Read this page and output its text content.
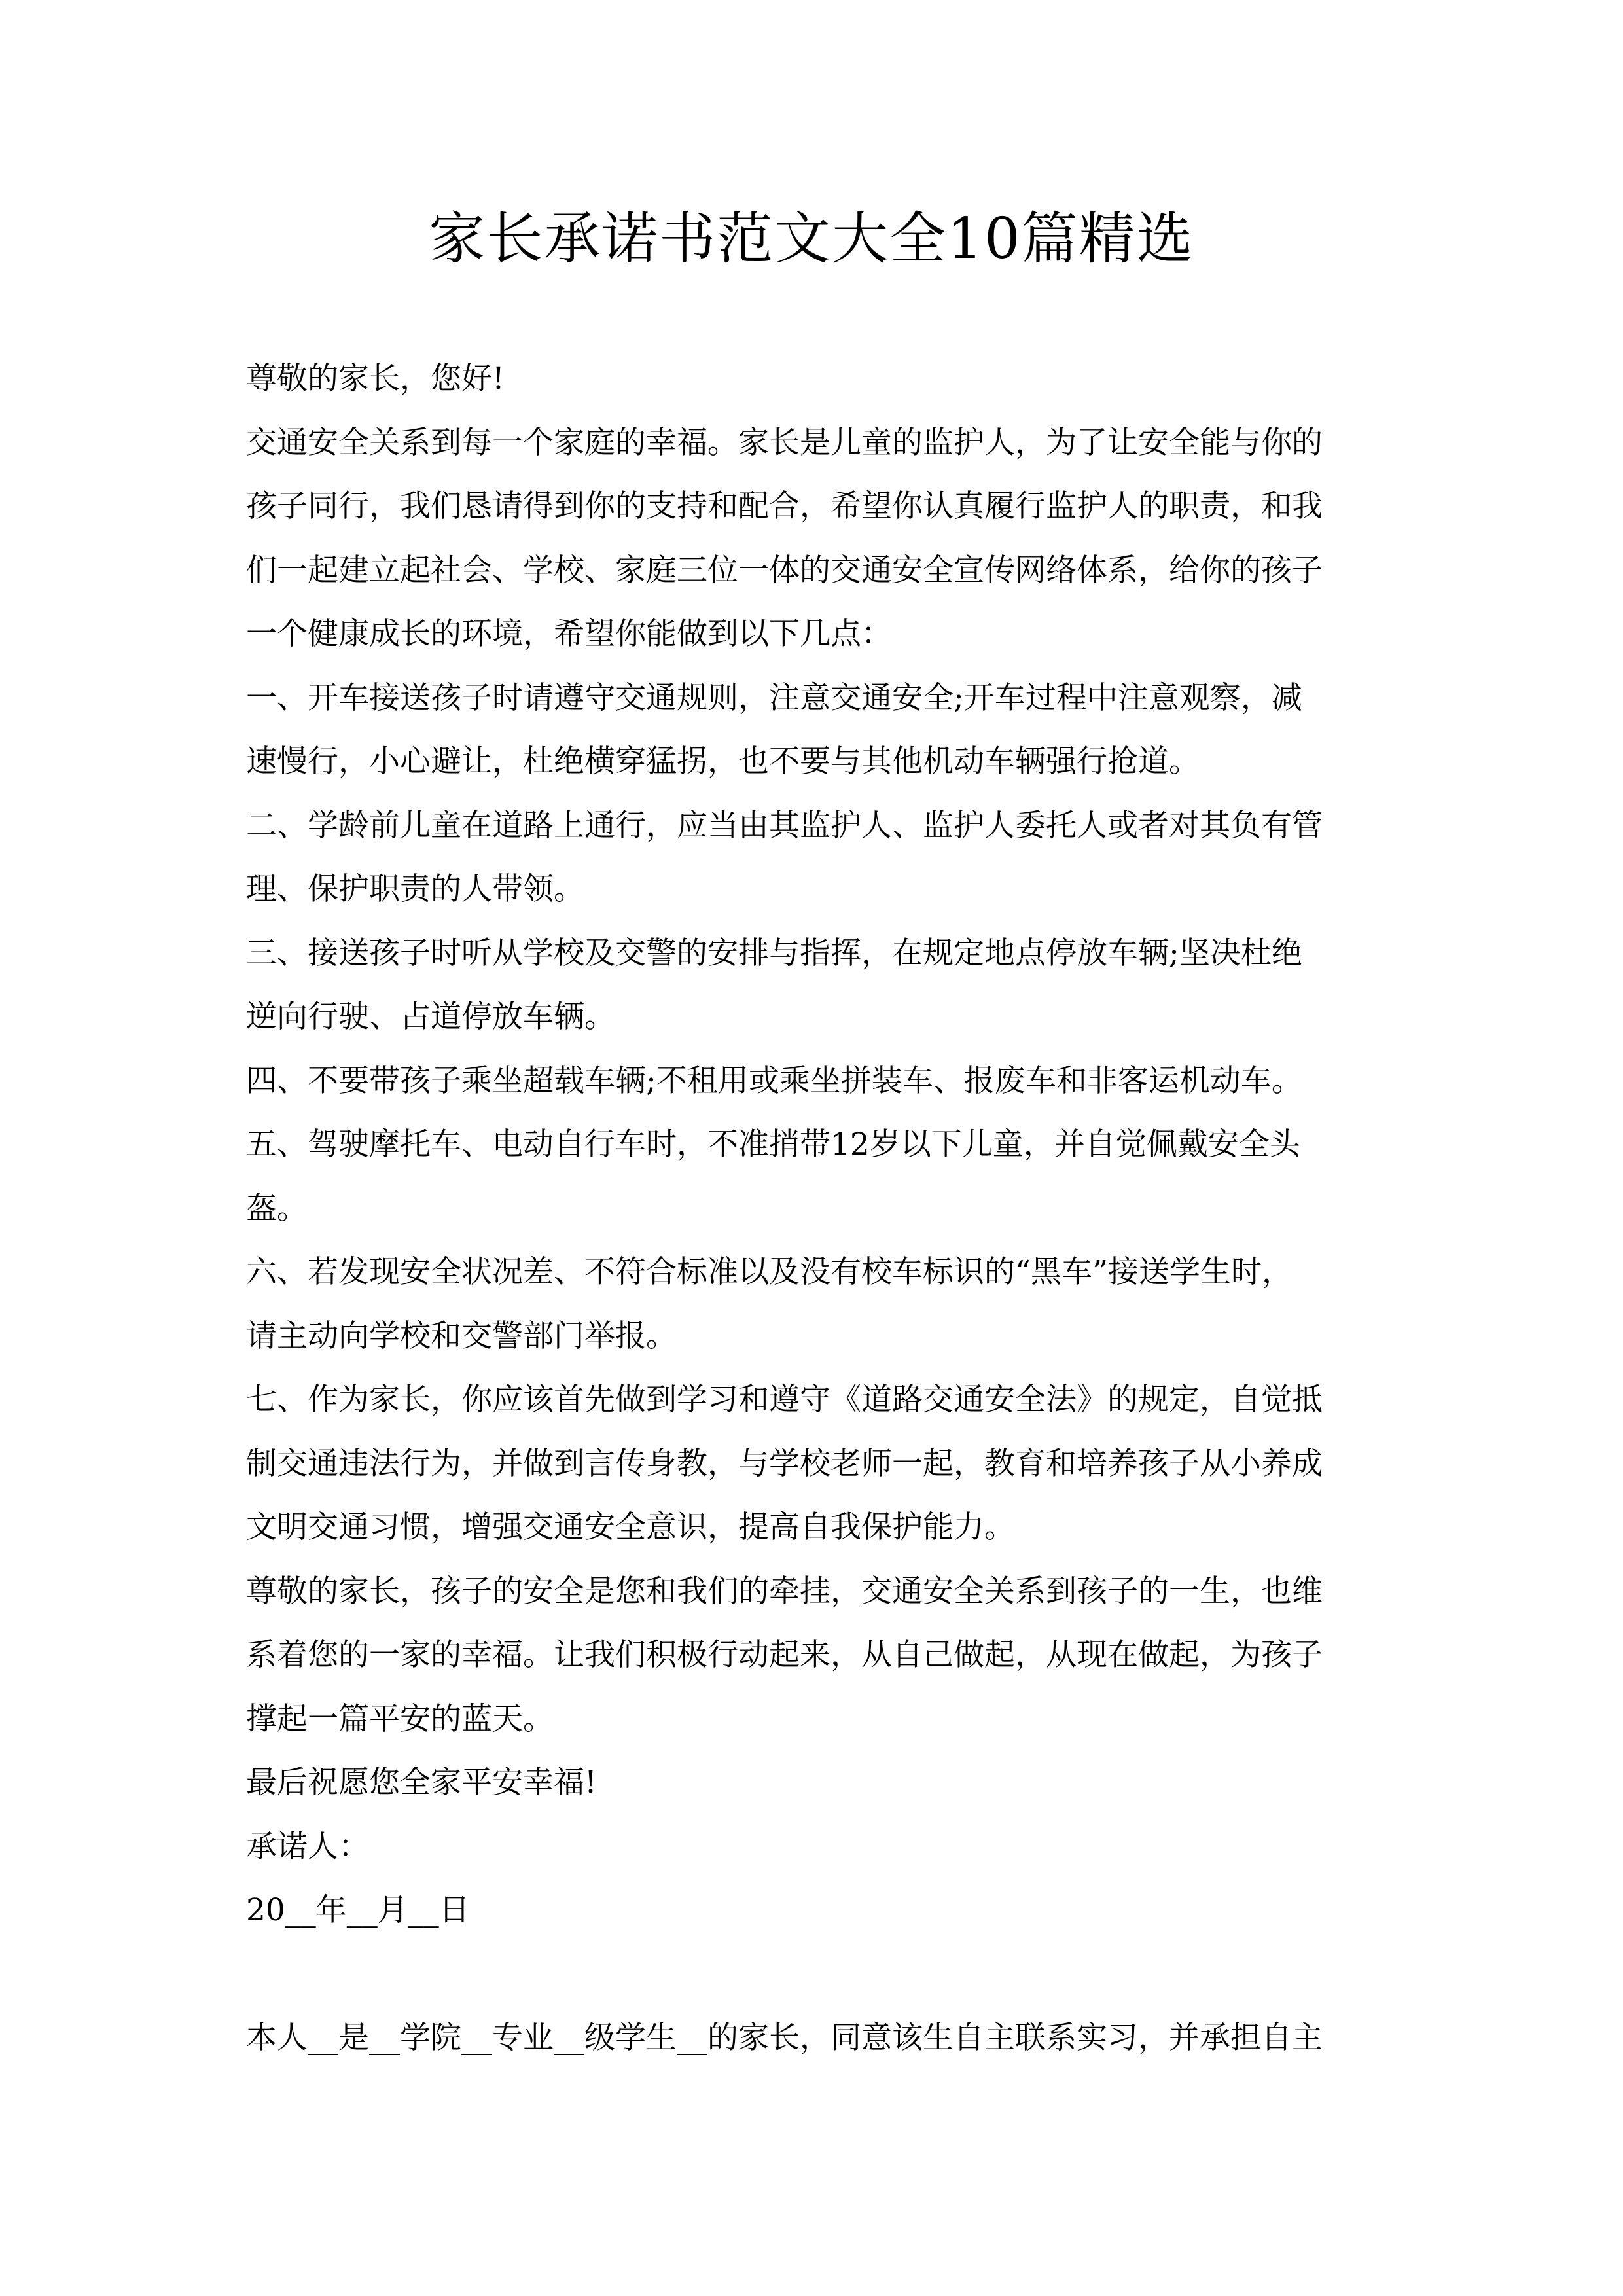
家长承诺书范文大全10篇精选
尊敬的家长，您好!
交通安全关系到每一个家庭的幸福。家长是儿童的监护人，为了让安全能与你的
孩子同行，我们恳请得到你的支持和配合，希望你认真履行监护人的职责，和我
们一起建立起社会、学校、家庭三位一体的交通安全宣传网络体系，给你的孩子
一个健康成长的环境，希望你能做到以下几点：
一、开车接送孩子时请遵守交通规则，注意交通安全;开车过程中注意观察，减
速慢行，小心避让，杜绝横穿猛拐，也不要与其他机动车辆强行抢道。
二、学龄前儿童在道路上通行，应当由其监护人、监护人委托人或者对其负有管
理、保护职责的人带领。
三、接送孩子时听从学校及交警的安排与指挥，在规定地点停放车辆;坚决杜绝
逆向行驶、占道停放车辆。
四、不要带孩子乘坐超载车辆;不租用或乘坐拼装车、报废车和非客运机动车。
五、驾驶摩托车、电动自行车时，不准捎带12岁以下儿童，并自觉佩戴安全头
盔。
六、若发现安全状况差、不符合标准以及没有校车标识的“黑车”接送学生时，
请主动向学校和交警部门举报。
七、作为家长，你应该首先做到学习和遵守《道路交通安全法》的规定，自觉抵
制交通违法行为，并做到言传身教，与学校老师一起，教育和培养孩子从小养成
文明交通习惯，增强交通安全意识，提高自我保护能力。
尊敬的家长，孩子的安全是您和我们的牵挂，交通安全关系到孩子的一生，也维
系着您的一家的幸福。让我们积极行动起来，从自己做起，从现在做起，为孩子
撑起一篇平安的蓝天。
最后祝愿您全家平安幸福!
承诺人：
20__年__月__日
本人__是__学院__专业__级学生__的家长，同意该生自主联系实习，并承担自主
